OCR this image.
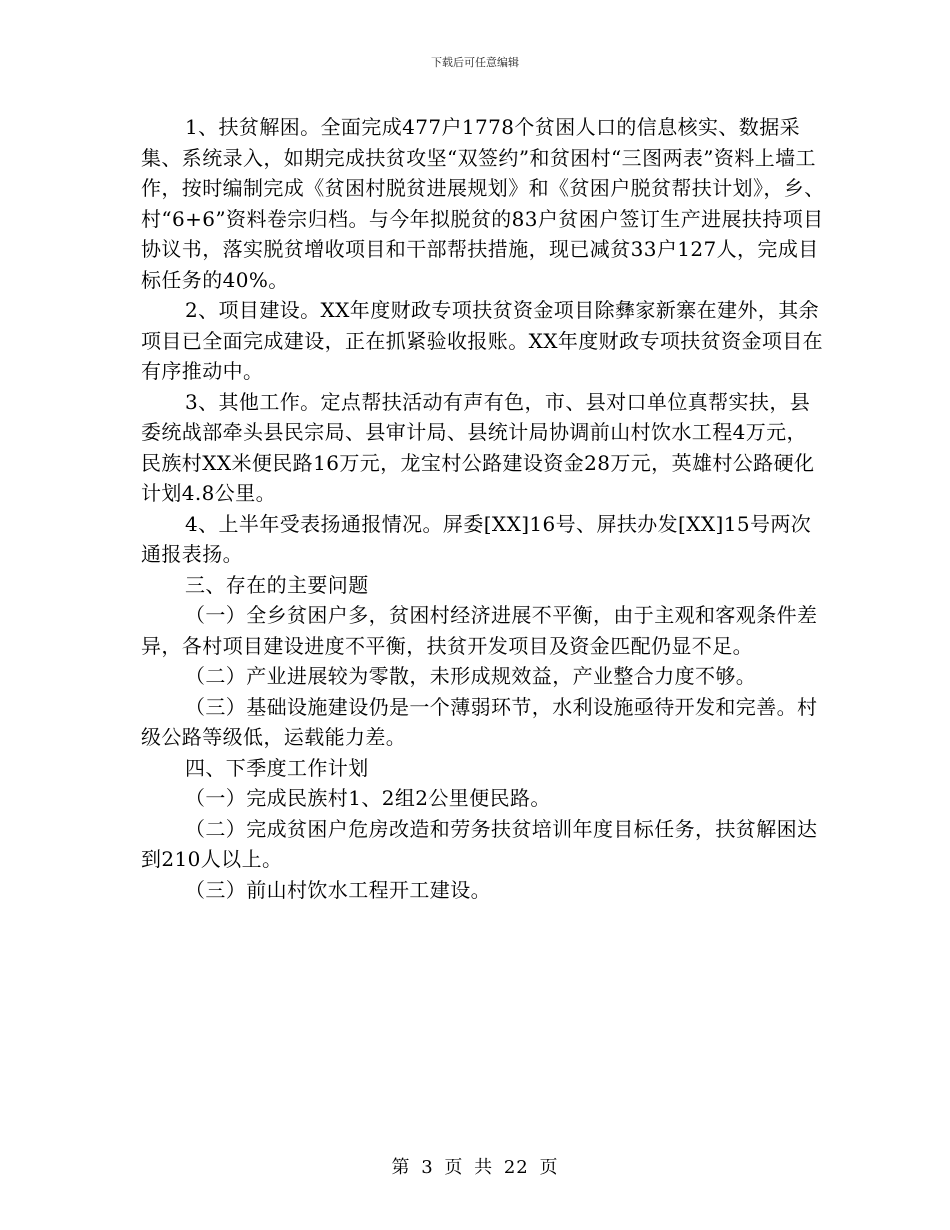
下载后可任意编辑

1、扶贫解困。全面完成477户1778个贫困人口的信息核实、数据采集、系统录入，如期完成扶贫攻坚“双签约”和贫困村“三图两表”资料上墙工作，按时编制完成《贫困村脱贫进展规划》和《贫困户脱贫帮扶计划》，乡、村“6+6”资料卷宗归档。与今年拟脱贫的83户贫困户签订生产进展扶持项目协议书，落实脱贫增收项目和干部帮扶措施，现已减贫33户127人，完成目标任务的40%。

2、项目建设。XX年度财政专项扶贫资金项目除彝家新寨在建外，其余项目已全面完成建设，正在抓紧验收报账。XX年度财政专项扶贫资金项目在有序推动中。

3、其他工作。定点帮扶活动有声有色，市、县对口单位真帮实扶，县委统战部牵头县民宗局、县审计局、县统计局协调前山村饮水工程4万元，民族村XX米便民路16万元，龙宝村公路建设资金28万元，英雄村公路硬化计划4.8公里。

4、上半年受表扬通报情况。屏委[XX]16号、屏扶办发[XX]15号两次通报表扬。

三、存在的主要问题

（一）全乡贫困户多，贫困村经济进展不平衡，由于主观和客观条件差异，各村项目建设进度不平衡，扶贫开发项目及资金匹配仍显不足。

（二）产业进展较为零散，未形成规效益，产业整合力度不够。

（三）基础设施建设仍是一个薄弱环节，水利设施亟待开发和完善。村级公路等级低，运载能力差。

四、下季度工作计划

（一）完成民族村1、2组2公里便民路。

（二）完成贫困户危房改造和劳务扶贫培训年度目标任务，扶贫解困达到210人以上。

（三）前山村饮水工程开工建设。

第 3 页 共 22 页
